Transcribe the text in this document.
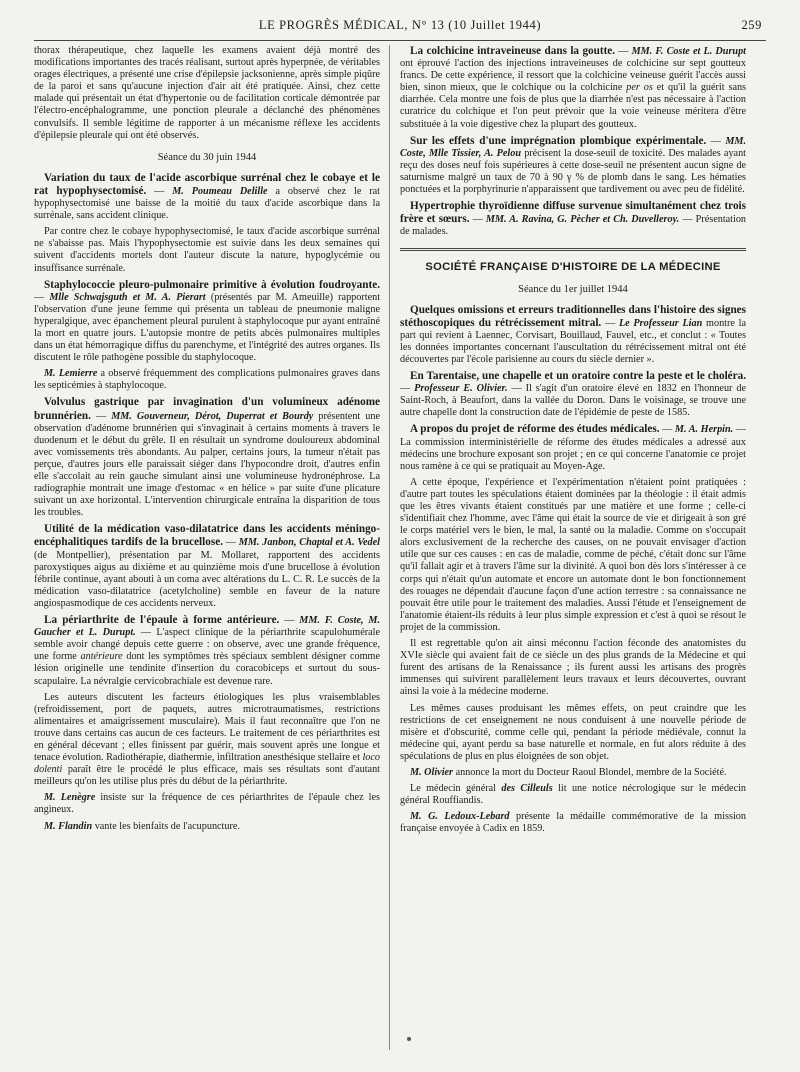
LE PROGRÈS MÉDICAL, N° 13 (10 Juillet 1944)	259

thorax thérapeutique, chez laquelle les examens avaient déjà montré des modifications importantes des tracés réalisant, surtout après hyperpnée, de véritables orages électriques, a présenté une crise d'épilepsie jacksonienne, après simple piqûre de la paroi et sans qu'aucune injection d'air ait été pratiquée. Ainsi, chez cette malade qui présentait un état d'hypertonie ou de facilitation corticale démontrée par l'électro-encéphalogramme, une ponction pleurale a déclanché des phénomènes convulsifs. Il semble légitime de rapporter à un mécanisme réflexe les accidents d'épilepsie pleurale qui ont été observés.

Séance du 30 juin 1944

Variation du taux de l'acide ascorbique surrénal chez le cobaye et le rat hypophysectomisé. — M. Poumeau Delille a observé chez le rat hypophysectomisé une baisse de la moitié du taux d'acide ascorbique dans la surrénale, sans accident clinique.

Par contre chez le cobaye hypophysectomisé, le taux d'acide ascorbique surrénal ne s'abaisse pas. Mais l'hypophysectomie est suivie dans les deux semaines qui suivent d'accidents mortels dont l'auteur discute la nature, hypoglycémie ou insuffisance surrénale.

Staphylococcie pleuro-pulmonaire primitive à évolution foudroyante. — Mlle Schwajsguth et M. A. Pierart (présentés par M. Ameuille) rapportent l'observation d'une jeune femme qui présenta un tableau de pneumonie maligne hyperalgique, avec épanchement pleural purulent à staphylocoque pur ayant entraîné la mort en quatre jours. L'autopsie montre de petits abcès pulmonaires multiples dans un état hémorragique diffus du parenchyme, et l'intégrité des autres organes. Ils discutent le rôle pathogène possible du staphylocoque.

M. Lemierre a observé fréquemment des complications pulmonaires graves dans les septicémies à staphylocoque.

Volvulus gastrique par invagination d'un volumineux adénome brunnérien. — MM. Gouverneur, Dérot, Duperrat et Bourdy présentent une observation d'adénome brunnérien qui s'invaginait à certains moments à travers le duodenum et le début du grêle. Il en résultait un syndrome douloureux abdominal avec vomissements très abondants. Au palper, certains jours, la tumeur n'était pas perçue, d'autres jours elle paraissait siéger dans l'hypocondre droit, d'autres enfin elle s'accolait au rein gauche simulant ainsi une volumineuse hydronéphrose. La radiographie montrait une image d'estomac « en hélice » par suite d'une plicature suivant un axe horizontal. L'intervention chirurgicale entraîna la disparition de tous les troubles.

Utilité de la médication vaso-dilatatrice dans les accidents méningo-encéphalitiques tardifs de la brucellose. — MM. Janbon, Chaptal et A. Vedel (de Montpellier), présentation par M. Mollaret, rapportent des accidents paroxystiques aigus au dixième et au quinzième mois d'une brucellose à évolution fébrile continue, ayant abouti à un coma avec altérations du L. C. R. Le succès de la médication vaso-dilatatrice (acetylcholine) semble en faveur de la nature angiospasmodique de ces accidents nerveux.

La périarthrite de l'épaule à forme antérieure. — MM. F. Coste, M. Gaucher et L. Durupt. — L'aspect clinique de la périarthrite scapulohumérale semble avoir changé depuis cette guerre : on observe, avec une grande fréquence, une forme antérieure dont les symptômes très spéciaux semblent désigner comme lésion originelle une tendinite d'insertion du coracobiceps et surtout du sous-scapulaire. La névralgie cervicobrachiale est devenue rare.

Les auteurs discutent les facteurs étiologiques les plus vraisemblables (refroidissement, port de paquets, autres microtraumatismes, restrictions alimentaires et amaigrissement musculaire). Mais il faut reconnaître que l'on ne trouve dans certains cas aucun de ces facteurs. Le traitement de ces périarthrites est en général décevant ; elles finissent par guérir, mais souvent après une longue et tenace évolution. Radiothérapie, diathermie, infiltration anesthésique stellaire et loco dolenti paraît être le procédé le plus efficace, mais ses résultats sont d'autant meilleurs qu'on les utilise plus près du début de la périarthrite.

M. Lenègre insiste sur la fréquence de ces périarthrites de l'épaule chez les angineux.

M. Flandin vante les bienfaits de l'acupuncture.

La colchicine intraveineuse dans la goutte. — MM. F. Coste et L. Durupt ont éprouvé l'action des injections intraveineuses de colchicine sur sept goutteux francs. De cette expérience, il ressort que la colchicine veineuse guérit l'accès aussi bien, sinon mieux, que le colchique ou la colchicine per os et qu'il la guérit sans diarrhée. Cela montre une fois de plus que la diarrhée n'est pas nécessaire à l'action curatrice du colchique et l'on peut prévoir que la voie veineuse méritera d'être substituée à la voie digestive chez la plupart des goutteux.

Sur les effets d'une imprégnation plombique expérimentale. — MM. Coste, Mlle Tissier, A. Pelou précisent la dose-seuil de toxicité. Des malades ayant reçu des doses neuf fois supérieures à cette dose-seuil ne présentent aucun signe de saturnisme malgré un taux de 70 à 90 γ % de plomb dans le sang. Les hématies ponctuées et la porphyrinurie n'apparaissent que tardivement ou avec peu de fidélité.

Hypertrophie thyroïdienne diffuse survenue simultanément chez trois frère et sœurs. — MM. A. Ravina, G. Pècher et Ch. Duvelleroy. — Présentation de malades.

SOCIÉTÉ FRANÇAISE D'HISTOIRE DE LA MÉDECINE

Séance du 1er juillet 1944

Quelques omissions et erreurs traditionnelles dans l'histoire des signes stéthoscopiques du rétrécissement mitral. — Le Professeur Lian montre la part qui revient à Laennec, Corvisart, Bouillaud, Fauvel, etc., et conclut : « Toutes les données importantes concernant l'auscultation du rétrécissement mitral ont été découvertes par l'école parisienne au cours du siècle dernier ».

En Tarentaise, une chapelle et un oratoire contre la peste et le choléra. — Professeur E. Olivier. — Il s'agit d'un oratoire élevé en 1832 en l'honneur de Saint-Roch, à Beaufort, dans la vallée du Doron. Dans le voisinage, se trouve une autre chapelle dont la construction date de l'épidémie de peste de 1585.

A propos du projet de réforme des études médicales. — M. A. Herpin. — La commission interministérielle de réforme des études médicales a adressé aux médecins une brochure exposant son projet ; en ce qui concerne l'anatomie ce projet nous ramène à ce qui se pratiquait au Moyen-Age.

A cette époque, l'expérience et l'expérimentation n'étaient point pratiquées : d'autre part toutes les spéculations étaient dominées par la théologie : il était admis que les êtres vivants étaient constitués par une matière et une forme ; celle-ci s'identifiait chez l'homme, avec l'âme qui était la source de vie et dirigeait à son gré le corps matériel vers le bien, le mal, la santé ou la maladie. Comme on s'occupait alors exclusivement de la recherche des causes, on ne pouvait envisager d'action utile que sur ces causes : en cas de maladie, comme de péché, c'était donc sur l'âme qu'il fallait agir et à travers l'âme sur la divinité. A quoi bon dès lors s'intéresser à ce corps qui n'était qu'un automate et encore un automate dont le bon fonctionnement des rouages ne dépendait d'aucune façon d'une action terrestre : sa connaissance ne pouvait être utile pour le traitement des maladies. Aussi l'étude et l'enseignement de l'anatomie étaient-ils réduits à leur plus simple expression et c'est à quoi se résout le projet de la commission.

Il est regrettable qu'on ait ainsi méconnu l'action féconde des anatomistes du XVIe siècle qui avaient fait de ce siècle un des plus grands de la Médecine et qui furent des artisans de la Renaissance ; ils furent aussi les artisans des progrès immenses qui suivirent parallèlement leurs travaux et leurs découvertes, ouvrant ainsi la voie à la médecine moderne.

Les mêmes causes produisant les mêmes effets, on peut craindre que les restrictions de cet enseignement ne nous conduisent à une nouvelle période de misère et d'obscurité, comme celle qui, pendant la période médiévale, connut la médecine qui, ayant perdu sa base naturelle et normale, en fut alors réduite à des spéculations de plus en plus éloignées de son objet.

M. Olivier annonce la mort du Docteur Raoul Blondel, membre de la Société.

Le médecin général des Cilleuls lit une notice nécrologique sur le médecin général Rouffiandis.

M. G. Ledoux-Lebard présente la médaille commémorative de la mission française envoyée à Cadix en 1859.
